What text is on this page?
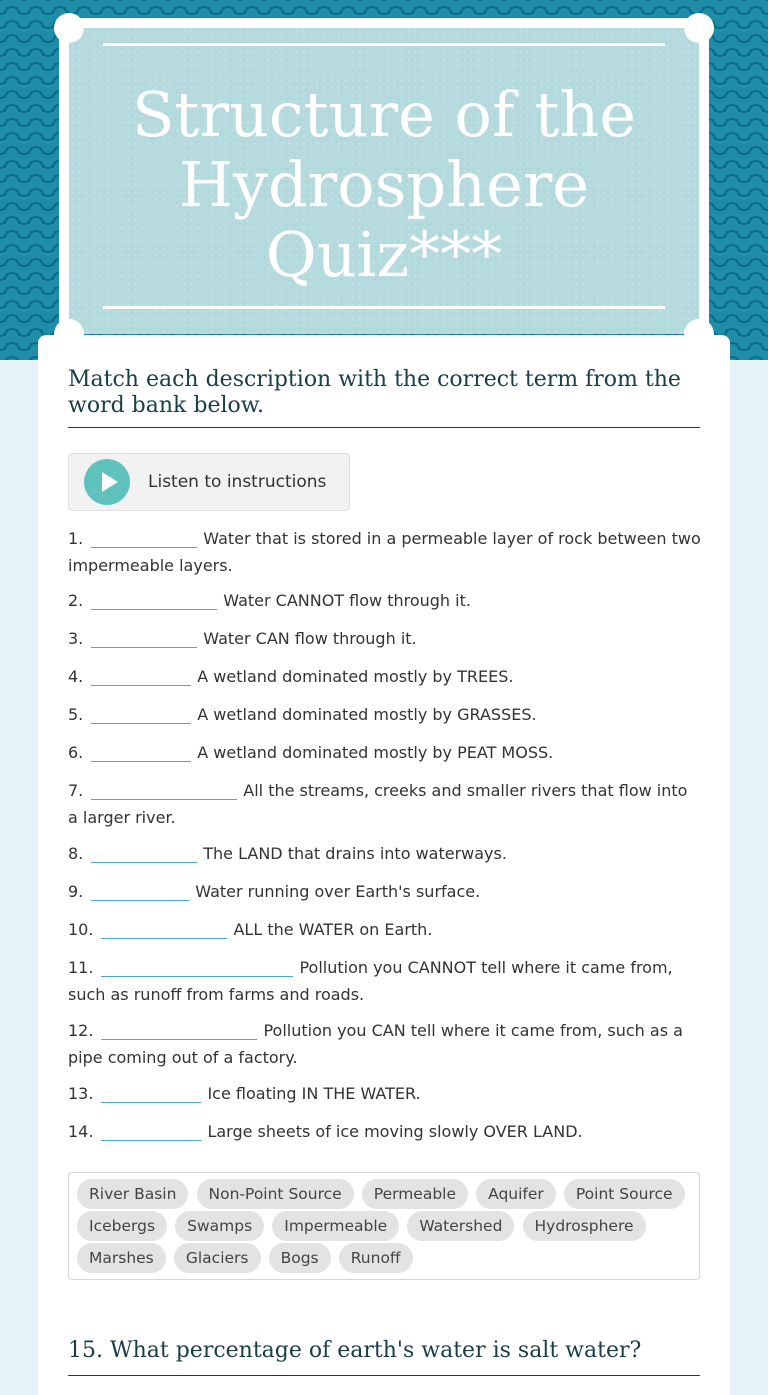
Structure of the Hydrosphere Quiz***
Match each description with the correct term from the word bank below.
Listen to instructions
1.	Water that is stored in a permeable layer of rock between two impermeable layers.
2.	Water CANNOT flow through it.
3.	Water CAN flow through it.
4.	A wetland dominated mostly by TREES.
5.	A wetland dominated mostly by GRASSES.
6.	A wetland dominated mostly by PEAT MOSS.
7.	All the streams, creeks and smaller rivers that flow into a larger river.
8.	The LAND that drains into waterways.
9.	Water running over Earth's surface.
10.	ALL the WATER on Earth.
11.	Pollution you CANNOT tell where it came from, such as runoff from farms and roads.
12.	Pollution you CAN tell where it came from, such as a pipe coming out of a factory.
13.	Ice floating IN THE WATER.
14.	Large sheets of ice moving slowly OVER LAND.
River Basin Non-Point Source Permeable Aquifer Point Source Icebergs Swamps Impermeable Watershed Hydrosphere Marshes Glaciers Bogs Runoff
15. What percentage of earth's water is salt water?
